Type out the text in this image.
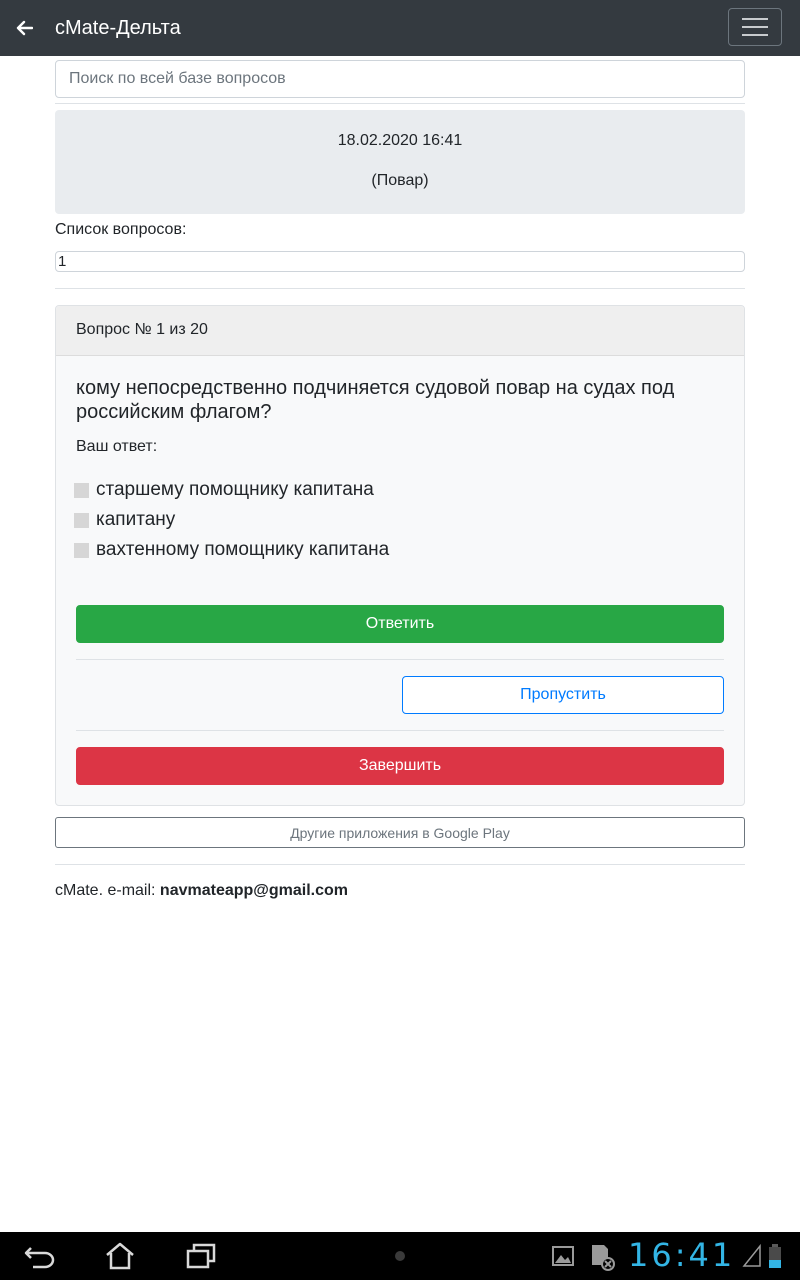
cMate-Дельта
Поиск по всей базе вопросов
18.02.2020 16:41
(Повар)
Список вопросов:
1
Вопрос № 1 из 20
кому непосредственно подчиняется судовой повар на судах под российским флагом?
Ваш ответ:
старшему помощнику капитана
капитану
вахтенному помощнику капитана
Ответить
Пропустить
Завершить
Другие приложения в Google Play
cMate. e-mail: navmateapp@gmail.com
16:41
